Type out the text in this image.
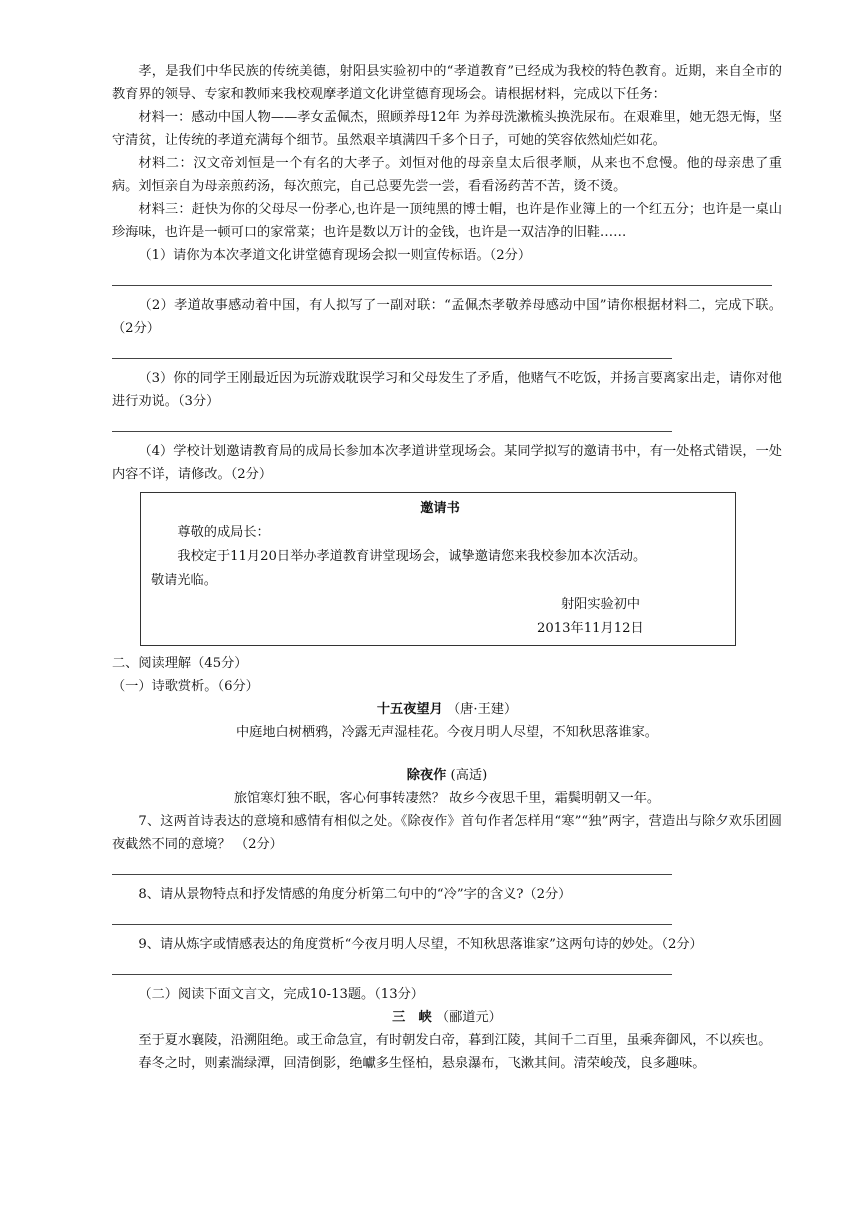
孝，是我们中华民族的传统美德，射阳县实验初中的“孝道教育”已经成为我校的特色教育。近期，来自全市的教育界的领导、专家和教师来我校观摩孝道文化讲堂德育现场会。请根据材料，完成以下任务：

材料一：感动中国人物——孝女孟佩杰，照顾养母12年 为养母洗漱梳头换洗尿布。在艰难里，她无怨无悔，坚守清贫，让传统的孝道充满每个细节。虽然艰辛填满四千多个日子，可她的笑容依然灿烂如花。

材料二：汉文帝刘恒是一个有名的大孝子。刘恒对他的母亲皇太后很孝顺，从来也不怠慢。他的母亲患了重病。刘恒亲自为母亲煎药汤，每次煎完，自己总要先尝一尝，看看汤药苦不苦，烫不烫。

材料三：赶快为你的父母尽一份孝心,也许是一顶纯黑的博士帽，也许是作业簿上的一个红五分；也许是一桌山珍海味，也许是一顿可口的家常菜；也许是数以万计的金钱，也许是一双洁净的旧鞋……

（1）请你为本次孝道文化讲堂德育现场会拟一则宣传标语。（2分）

（2）孝道故事感动着中国，有人拟写了一副对联：“孟佩杰孝敬养母感动中国”请你根据材料二，完成下联。 （2分）

（3）你的同学王刚最近因为玩游戏耽误学习和父母发生了矛盾，他赌气不吃饭，并扬言要离家出走，请你对他进行劝说。（3分）

（4）学校计划邀请教育局的成局长参加本次孝道讲堂现场会。某同学拟写的邀请书中，有一处格式错误，一处内容不详，请修改。（2分）

邀请书
尊敬的成局长：
我校定于11月20日举办孝道教育讲堂现场会，诚挚邀请您来我校参加本次活动。
敬请光临。
射阳实验初中
2013年11月12日

二、阅读理解（45分）

（一）诗歌赏析。（6分）

十五夜望月 （唐·王建）
中庭地白树栖鸦，冷露无声湿桂花。今夜月明人尽望，不知秋思落谁家。
除夜作 (高适)
旅馆寒灯独不眠，客心何事转凄然？ 故乡今夜思千里，霜鬓明朝又一年。

7、这两首诗表达的意境和感情有相似之处。《除夜作》首句作者怎样用“寒”“独”两字，营造出与除夕欢乐团圆夜截然不同的意境？ （2分）

8、请从景物特点和抒发情感的角度分析第二句中的“冷”字的含义?（2分）

9、请从炼字或情感表达的角度赏析“今夜月明人尽望，不知秋思落谁家”这两句诗的妙处。（2分）

（二）阅读下面文言文，完成10-13题。（13分）

三　峡 （郦道元）

至于夏水襄陵，沿溯阻绝。或王命急宣，有时朝发白帝，暮到江陵，其间千二百里，虽乘奔御风，不以疾也。

春冬之时，则素湍绿潭，回清倒影，绝巘多生怪柏，悬泉瀑布，飞漱其间。清荣峻茂，良多趣味。
